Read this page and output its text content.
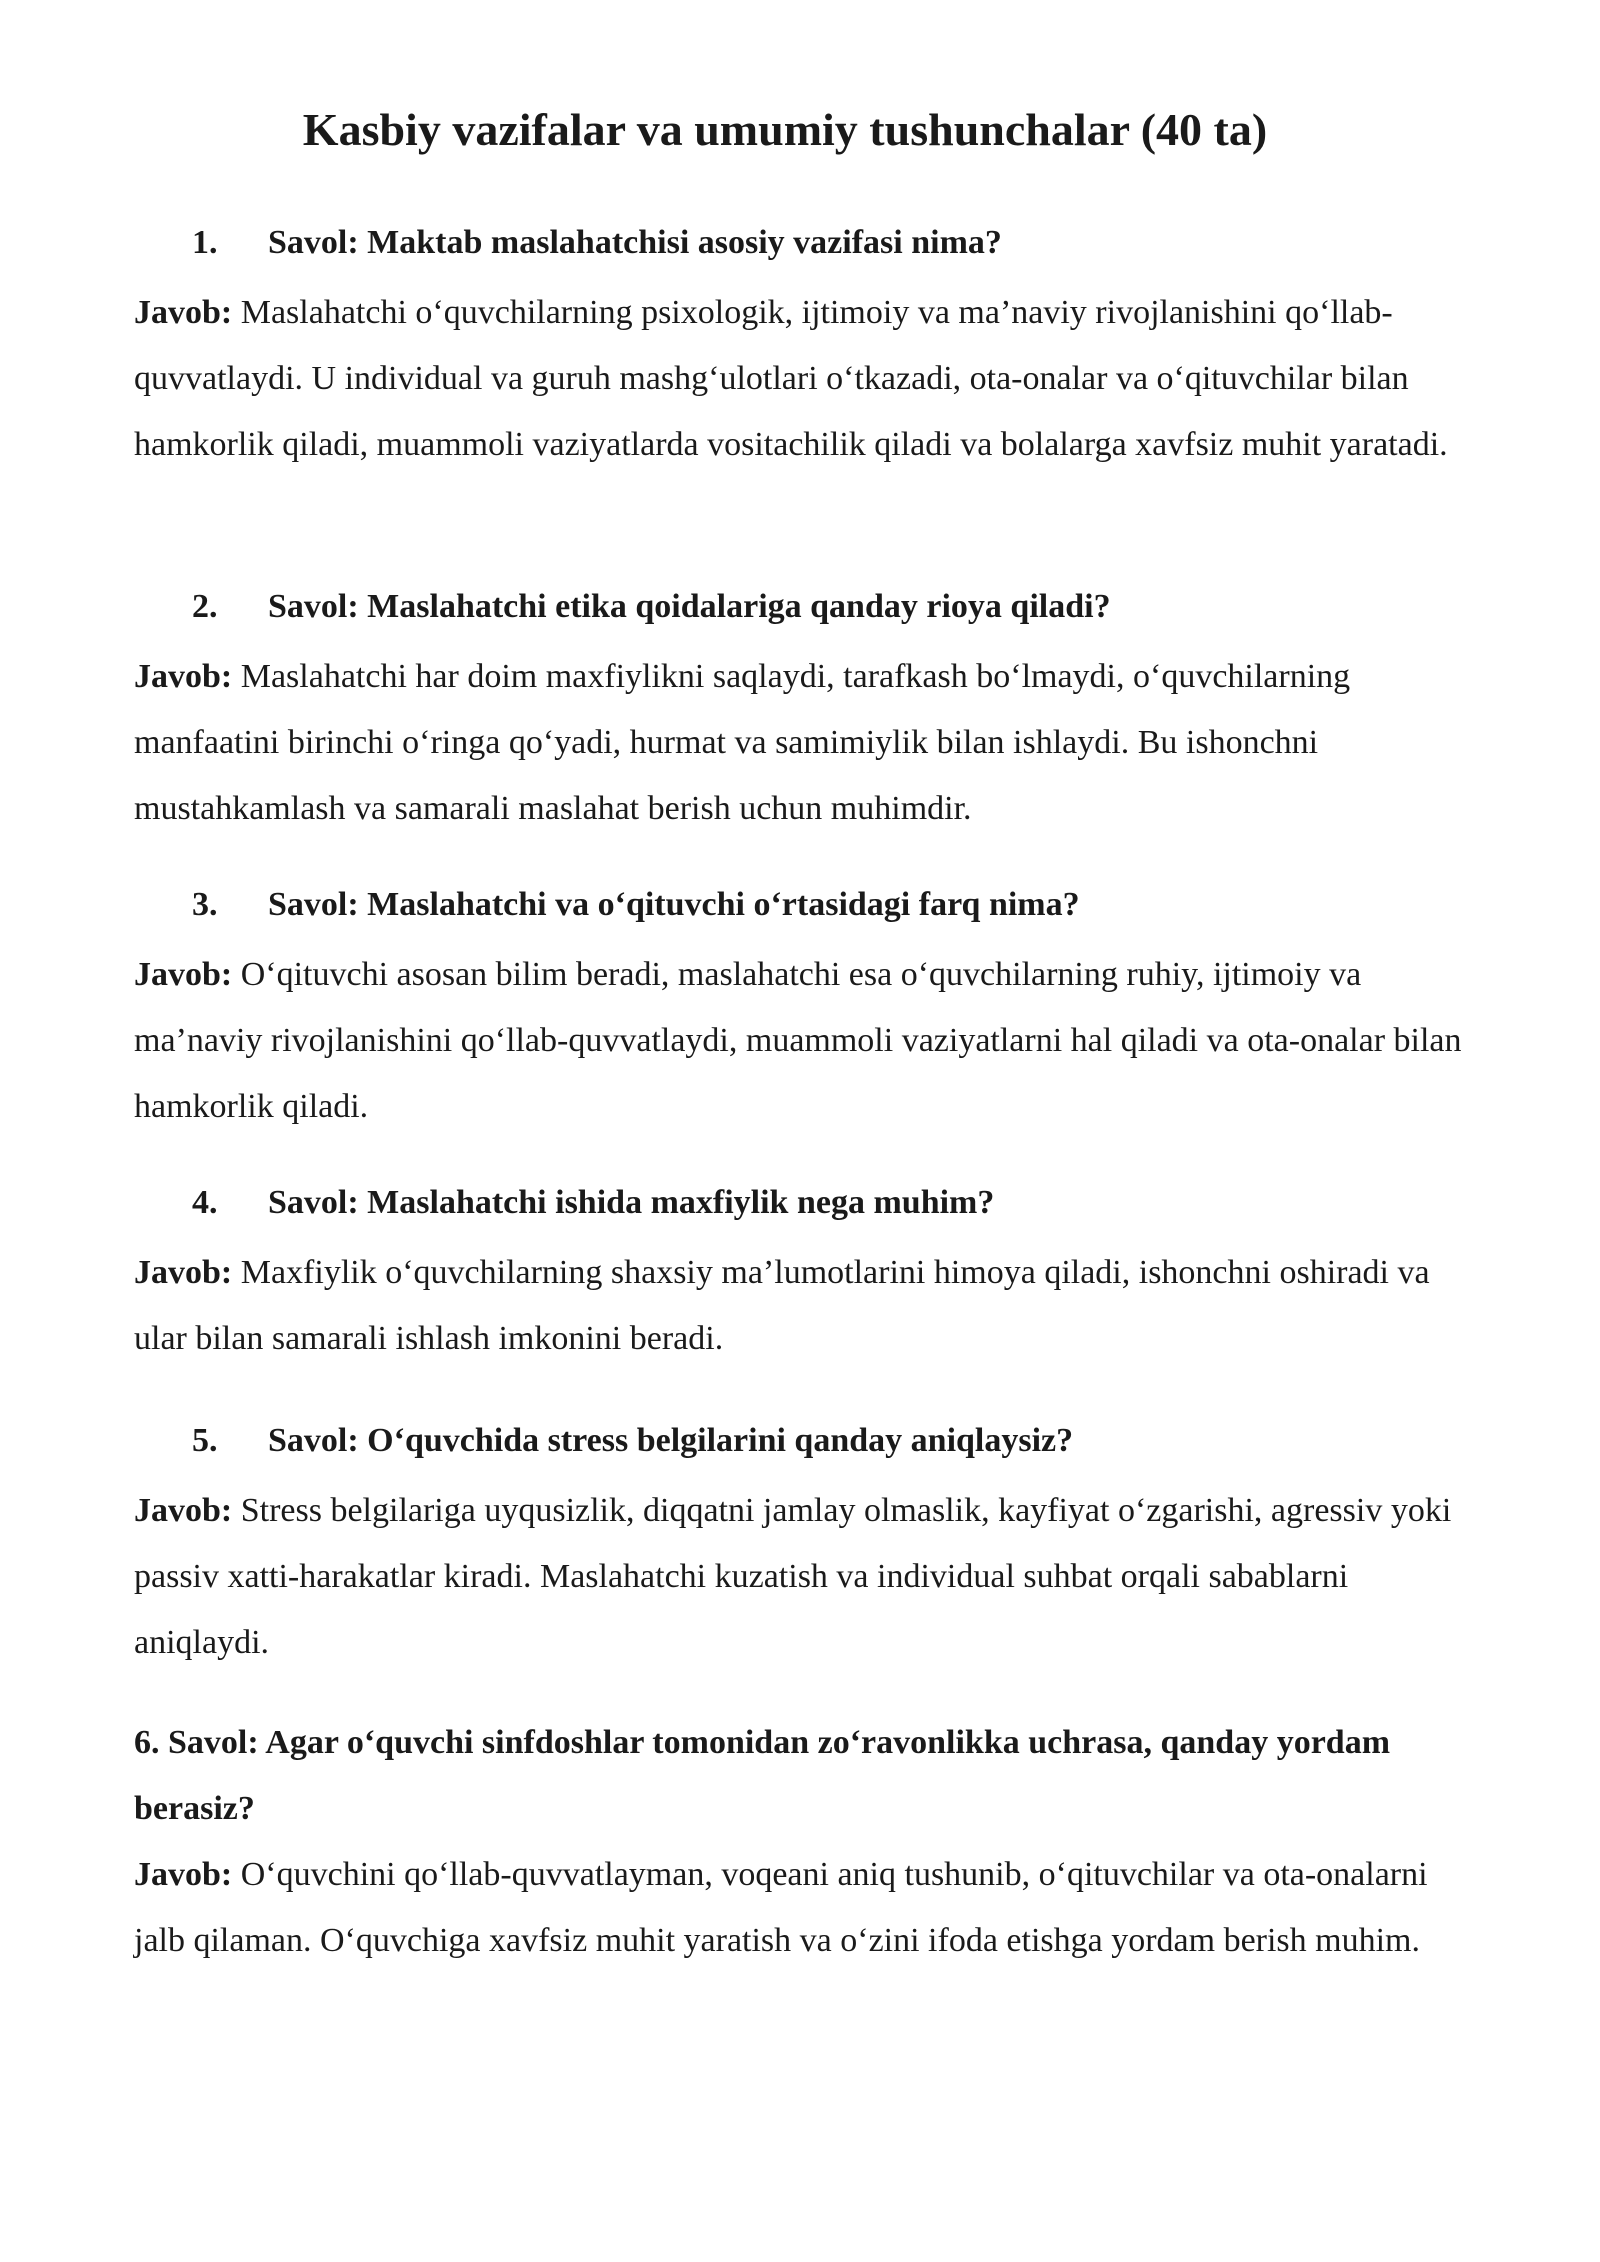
Kasbiy vazifalar va umumiy tushunchalar (40 ta)

1. Savol: Maktab maslahatchisi asosiy vazifasi nima?

Javob: Maslahatchi o‘quvchilarning psixologik, ijtimoiy va ma’naviy rivojlanishini qo‘llab-quvvatlaydi. U individual va guruh mashg‘ulotlari o‘tkazadi, ota-onalar va o‘qituvchilar bilan hamkorlik qiladi, muammoli vaziyatlarda vositachilik qiladi va bolalarga xavfsiz muhit yaratadi.

2. Savol: Maslahatchi etika qoidalariga qanday rioya qiladi?

Javob: Maslahatchi har doim maxfiylikni saqlaydi, tarafkash bo‘lmaydi, o‘quvchilarning manfaatini birinchi o‘ringa qo‘yadi, hurmat va samimiylik bilan ishlaydi. Bu ishonchni mustahkamlash va samarali maslahat berish uchun muhimdir.

3. Savol: Maslahatchi va o‘qituvchi o‘rtasidagi farq nima?

Javob: O‘qituvchi asosan bilim beradi, maslahatchi esa o‘quvchilarning ruhiy, ijtimoiy va ma’naviy rivojlanishini qo‘llab-quvvatlaydi, muammoli vaziyatlarni hal qiladi va ota-onalar bilan hamkorlik qiladi.

4. Savol: Maslahatchi ishida maxfiylik nega muhim?

Javob: Maxfiylik o‘quvchilarning shaxsiy ma’lumotlarini himoya qiladi, ishonchni oshiradi va ular bilan samarali ishlash imkonini beradi.

5. Savol: O‘quvchida stress belgilarini qanday aniqlaysiz?

Javob: Stress belgilariga uyqusizlik, diqqatni jamlay olmaslik, kayfiyat o‘zgarishi, agressiv yoki passiv xatti-harakatlar kiradi. Maslahatchi kuzatish va individual suhbat orqali sabablarni aniqlaydi.

6. Savol: Agar o‘quvchi sinfdoshlar tomonidan zo‘ravonlikka uchrasa, qanday yordam berasiz?

Javob: O‘quvchini qo‘llab-quvvatlayman, voqeani aniq tushunib, o‘qituvchilar va ota-onalarni jalb qilaman. O‘quvchiga xavfsiz muhit yaratish va o‘zini ifoda etishga yordam berish muhim.
